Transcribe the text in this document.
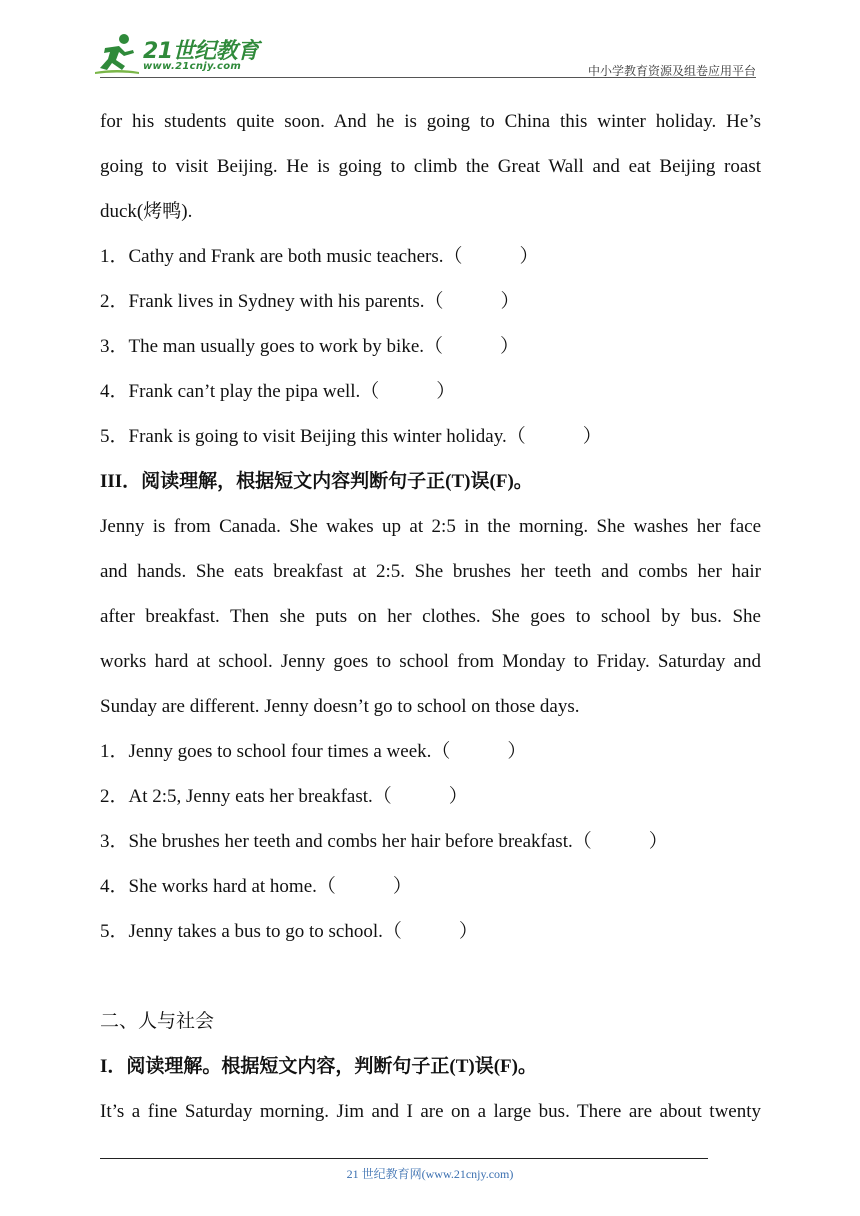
21世纪教育
www.21cnjy.com	中小学教育资源及组卷应用平台
for his students quite soon. And he is going to China this winter holiday. He’s
going to visit Beijing. He is going to climb the Great Wall and eat Beijing roast
duck(烤鸭).
1．Cathy and Frank are both music teachers.（　　　）
2．Frank lives in Sydney with his parents.（　　　）
3．The man usually goes to work by bike.（　　　）
4．Frank can’t play the pipa well.（　　　）
5．Frank is going to visit Beijing this winter holiday.（　　　）
III．阅读理解，根据短文内容判断句子正(T)误(F)。
Jenny is from Canada. She wakes up at 2:5 in the morning. She washes her face
and hands. She eats breakfast at 2:5. She brushes her teeth and combs her hair
after breakfast. Then she puts on her clothes. She goes to school by bus. She
works hard at school. Jenny goes to school from Monday to Friday. Saturday and
Sunday are different. Jenny doesn’t go to school on those days.
1．Jenny goes to school four times a week.（　　　）
2．At 2:5, Jenny eats her breakfast.（　　　）
3．She brushes her teeth and combs her hair before breakfast.（　　　）
4．She works hard at home.（　　　）
5．Jenny takes a bus to go to school.（　　　）
二、人与社会
I．阅读理解。根据短文内容，判断句子正(T)误(F)。
It’s a fine Saturday morning. Jim and I are on a large bus. There are about twenty
21 世纪教育网(www.21cnjy.com)
